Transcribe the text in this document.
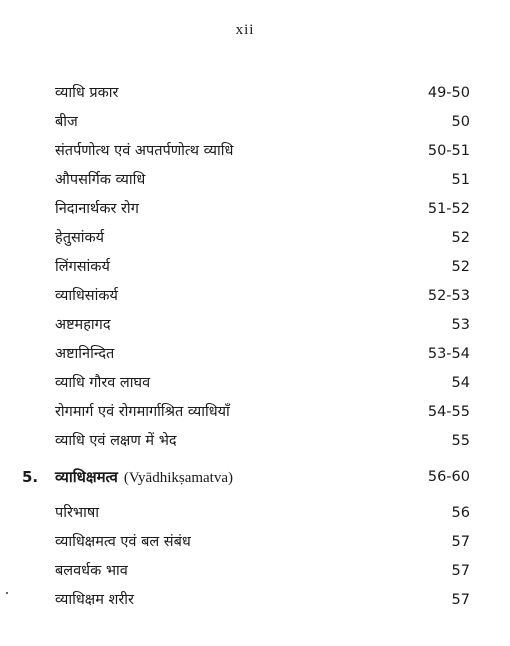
xii
व्याधि प्रकार	49-50
बीज	50
संतर्पणोत्थ एवं अपतर्पणोत्थ व्याधि	50-51
औपसर्गिक व्याधि	51
निदानार्थकर रोग	51-52
हेतुसांकर्य	52
लिंगसांकर्य	52
व्याधिसांकर्य	52-53
अष्टमहागद	53
अष्टानिन्दित	53-54
व्याधि गौरव लाघव	54
रोगमार्ग एवं रोगमार्गाश्रित व्याधियाँ	54-55
व्याधि एवं लक्षण में भेद	55
5. व्याधिक्षमत्व (Vyādhikṣamatva)	56-60
परिभाषा	56
व्याधिक्षमत्व एवं बल संबंध	57
बलवर्धक भाव	57
व्याधिक्षम शरीर	57
